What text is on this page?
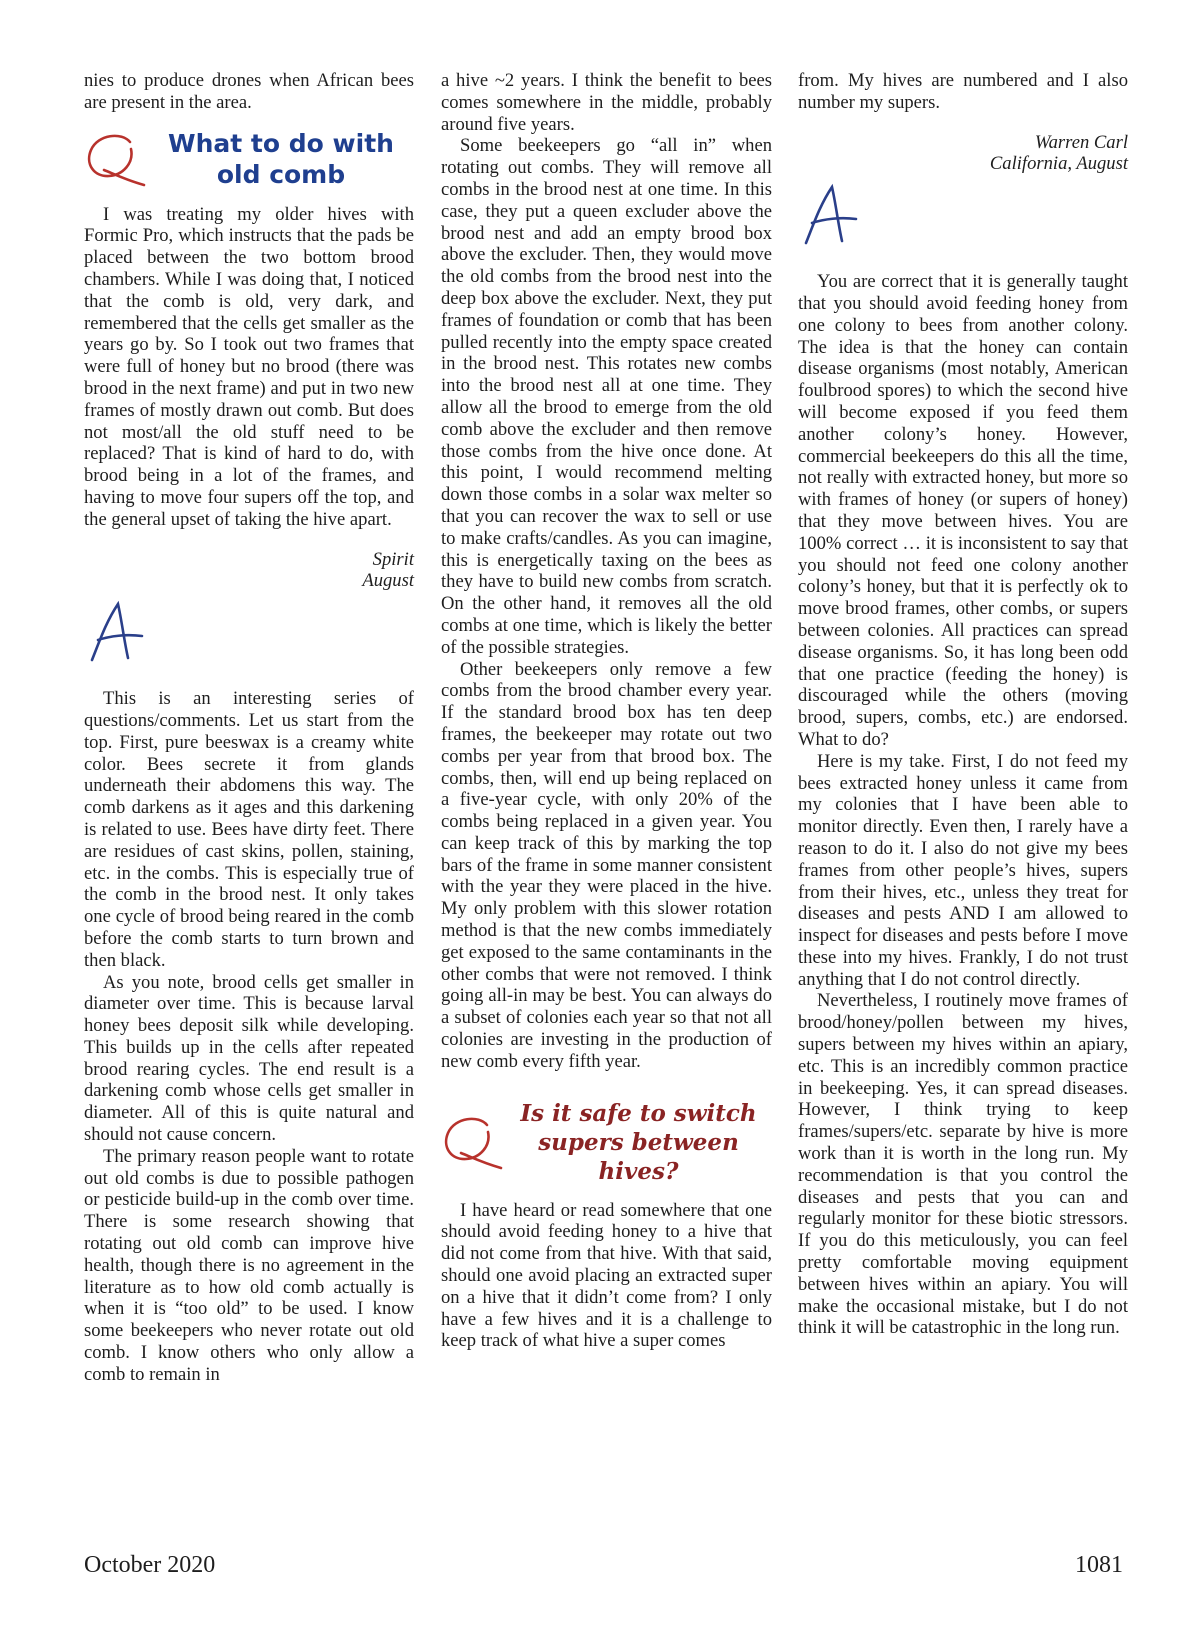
nies to produce drones when African bees are present in the area.

What to do with
old comb

I was treating my older hives with Formic Pro, which instructs that the pads be placed between the two bottom brood chambers. While I was doing that, I noticed that the comb is old, very dark, and remembered that the cells get smaller as the years go by. So I took out two frames that were full of honey but no brood (there was brood in the next frame) and put in two new frames of mostly drawn out comb. But does not most/all the old stuff need to be replaced? That is kind of hard to do, with brood being in a lot of the frames, and having to move four supers off the top, and the general upset of taking the hive apart.

Spirit

August

This is an interesting series of questions/comments. Let us start from the top. First, pure beeswax is a creamy white color. Bees secrete it from glands underneath their abdomens this way. The comb darkens as it ages and this darkening is related to use. Bees have dirty feet. There are residues of cast skins, pollen, staining, etc. in the combs. This is especially true of the comb in the brood nest. It only takes one cycle of brood being reared in the comb before the comb starts to turn brown and then black.

As you note, brood cells get smaller in diameter over time. This is because larval honey bees deposit silk while developing. This builds up in the cells after repeated brood rearing cycles. The end result is a darkening comb whose cells get smaller in diameter. All of this is quite natural and should not cause concern.

The primary reason people want to rotate out old combs is due to possible pathogen or pesticide build-up in the comb over time. There is some research showing that rotating out old comb can improve hive health, though there is no agreement in the literature as to how old comb actually is when it is “too old” to be used. I know some beekeepers who never rotate out old comb. I know others who only allow a comb to remain in

a hive ~2 years. I think the benefit to bees comes somewhere in the middle, probably around five years.

Some beekeepers go “all in” when rotating out combs. They will remove all combs in the brood nest at one time. In this case, they put a queen excluder above the brood nest and add an empty brood box above the excluder. Then, they would move the old combs from the brood nest into the deep box above the excluder. Next, they put frames of foundation or comb that has been pulled recently into the empty space created in the brood nest. This rotates new combs into the brood nest all at one time. They allow all the brood to emerge from the old comb above the excluder and then remove those combs from the hive once done. At this point, I would recommend melting down those combs in a solar wax melter so that you can recover the wax to sell or use to make crafts/candles. As you can imagine, this is energetically taxing on the bees as they have to build new combs from scratch. On the other hand, it removes all the old combs at one time, which is likely the better of the possible strategies.

Other beekeepers only remove a few combs from the brood chamber every year. If the standard brood box has ten deep frames, the beekeeper may rotate out two combs per year from that brood box. The combs, then, will end up being replaced on a five-year cycle, with only 20% of the combs being replaced in a given year. You can keep track of this by marking the top bars of the frame in some manner consistent with the year they were placed in the hive. My only problem with this slower rotation method is that the new combs immediately get exposed to the same contaminants in the other combs that were not removed. I think going all-in may be best. You can always do a subset of colonies each year so that not all colonies are investing in the production of new comb every fifth year.

Is it safe to switch
supers between hives?

I have heard or read somewhere that one should avoid feeding honey to a hive that did not come from that hive. With that said, should one avoid placing an extracted super on a hive that it didn’t come from? I only have a few hives and it is a challenge to keep track of what hive a super comes

from. My hives are numbered and I also number my supers.

Warren Carl

California, August

You are correct that it is generally taught that you should avoid feeding honey from one colony to bees from another colony. The idea is that the honey can contain disease organisms (most notably, American foulbrood spores) to which the second hive will become exposed if you feed them another colony’s honey. However, commercial beekeepers do this all the time, not really with extracted honey, but more so with frames of honey (or supers of honey) that they move between hives. You are 100% correct … it is inconsistent to say that you should not feed one colony another colony’s honey, but that it is perfectly ok to move brood frames, other combs, or supers between colonies. All practices can spread disease organisms. So, it has long been odd that one practice (feeding the honey) is discouraged while the others (moving brood, supers, combs, etc.) are endorsed. What to do?

Here is my take. First, I do not feed my bees extracted honey unless it came from my colonies that I have been able to monitor directly. Even then, I rarely have a reason to do it. I also do not give my bees frames from other people’s hives, supers from their hives, etc., unless they treat for diseases and pests AND I am allowed to inspect for diseases and pests before I move these into my hives. Frankly, I do not trust anything that I do not control directly.

Nevertheless, I routinely move frames of brood/honey/pollen between my hives, supers between my hives within an apiary, etc. This is an incredibly common practice in beekeeping. Yes, it can spread diseases. However, I think trying to keep frames/supers/etc. separate by hive is more work than it is worth in the long run. My recommendation is that you control the diseases and pests that you can and regularly monitor for these biotic stressors. If you do this meticulously, you can feel pretty comfortable moving equipment between hives within an apiary. You will make the occasional mistake, but I do not think it will be catastrophic in the long run.

October 2020	1081
